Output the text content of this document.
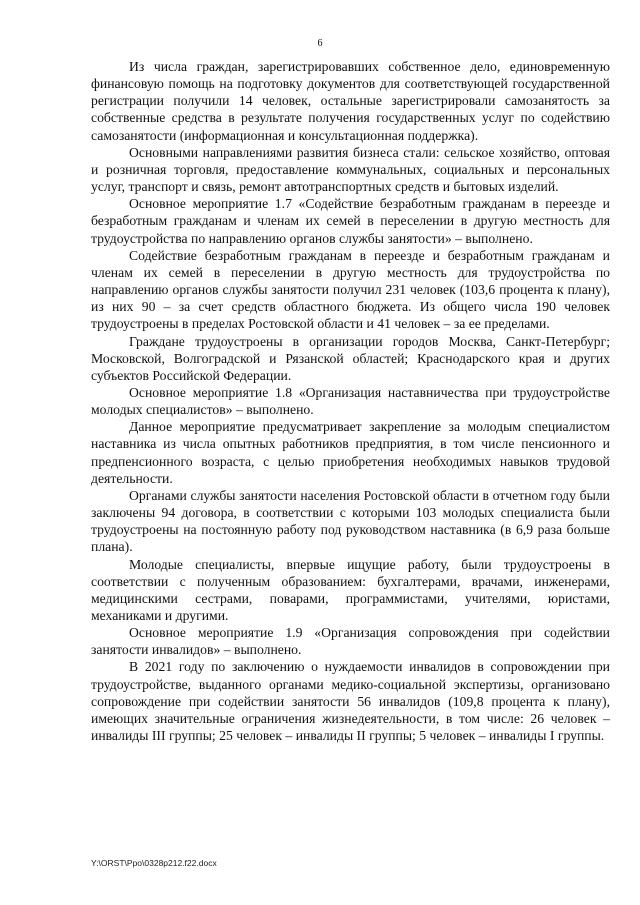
6

Из числа граждан, зарегистрировавших собственное дело, единовременную финансовую помощь на подготовку документов для соответствующей государственной регистрации получили 14 человек, остальные зарегистрировали самозанятость за собственные средства в результате получения государственных услуг по содействию самозанятости (информационная и консультационная поддержка).

Основными направлениями развития бизнеса стали: сельское хозяйство, оптовая и розничная торговля, предоставление коммунальных, социальных и персональных услуг, транспорт и связь, ремонт автотранспортных средств и бытовых изделий.

Основное мероприятие 1.7 «Содействие безработным гражданам в переезде и безработным гражданам и членам их семей в переселении в другую местность для трудоустройства по направлению органов службы занятости» – выполнено.

Содействие безработным гражданам в переезде и безработным гражданам и членам их семей в переселении в другую местность для трудоустройства по направлению органов службы занятости получил 231 человек (103,6 процента к плану), из них 90 – за счет средств областного бюджета. Из общего числа 190 человек трудоустроены в пределах Ростовской области и 41 человек – за ее пределами.

Граждане трудоустроены в организации городов Москва, Санкт-Петербург; Московской, Волгоградской и Рязанской областей; Краснодарского края и других субъектов Российской Федерации.

Основное мероприятие 1.8 «Организация наставничества при трудоустройстве молодых специалистов» – выполнено.

Данное мероприятие предусматривает закрепление за молодым специалистом наставника из числа опытных работников предприятия, в том числе пенсионного и предпенсионного возраста, с целью приобретения необходимых навыков трудовой деятельности.

Органами службы занятости населения Ростовской области в отчетном году были заключены 94 договора, в соответствии с которыми 103 молодых специалиста были трудоустроены на постоянную работу под руководством наставника (в 6,9 раза больше плана).

Молодые специалисты, впервые ищущие работу, были трудоустроены в соответствии с полученным образованием: бухгалтерами, врачами, инженерами, медицинскими сестрами, поварами, программистами, учителями, юристами, механиками и другими.

Основное мероприятие 1.9 «Организация сопровождения при содействии занятости инвалидов» – выполнено.

В 2021 году по заключению о нуждаемости инвалидов в сопровождении при трудоустройстве, выданного органами медико-социальной экспертизы, организовано сопровождение при содействии занятости 56 инвалидов (109,8 процента к плану), имеющих значительные ограничения жизнедеятельности, в том числе: 26 человек – инвалиды III группы; 25 человек – инвалиды II группы; 5 человек – инвалиды I группы.

Y:\ORST\Ppo\0328p212.f22.docx
